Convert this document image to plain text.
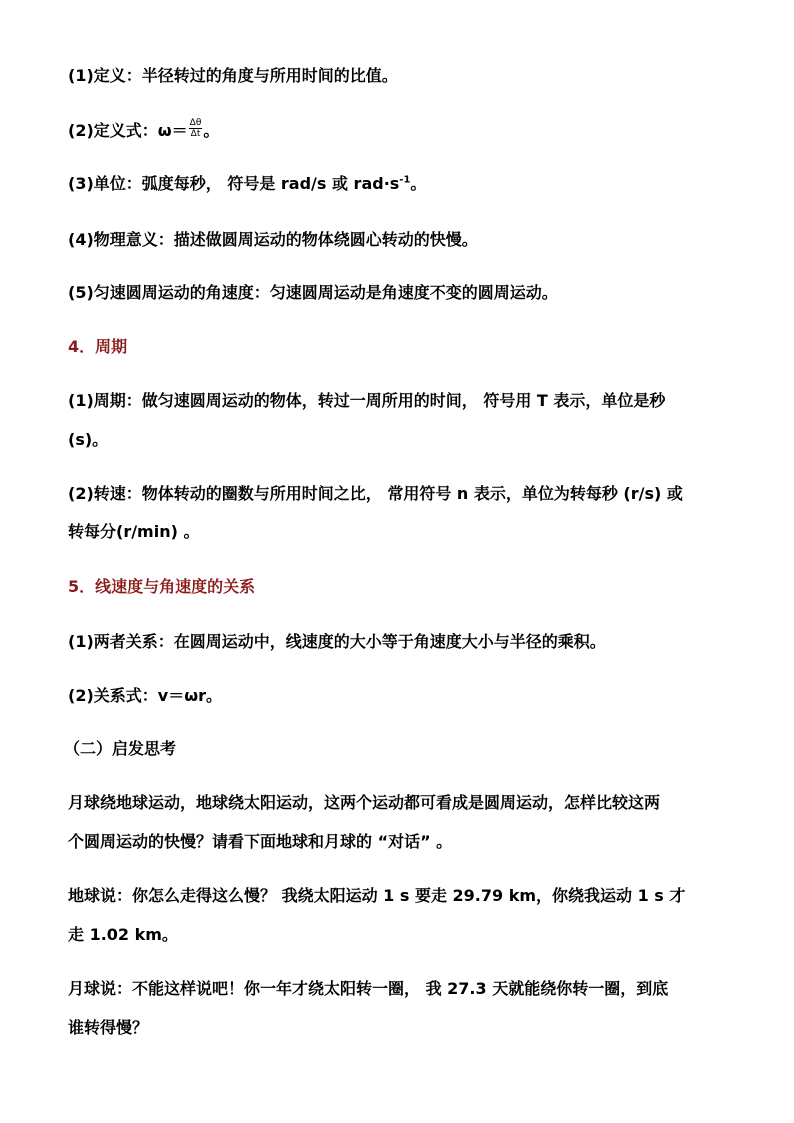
(1)定义：半径转过的角度与所用时间的比值。
(2)定义式：$\omega= \frac{\Delta\theta}{\Delta t}$ 。
(3)单位：弧度每秒， 符号是 rad/s 或 $rad\cdot s^{-1}$。
(4)物理意义：描述做圆周运动的物体绕圆心转动的快慢。
(5)匀速圆周运动的角速度：匀速圆周运动是角速度不变的圆周运动。
4．周期
(1)周期：做匀速圆周运动的物体，转过一周所用的时间， 符号用 T 表示，单位是秒
(s)。
(2)转速：物体转动的圈数与所用时间之比， 常用符号 n 表示，单位为转每秒 (r/s) 或
转每分(r/min) 。
5．线速度与角速度的关系
(1)两者关系：在圆周运动中，线速度的大小等于角速度大小与半径的乘积。
(2)关系式：v＝ωr。
（二）启发思考
月球绕地球运动，地球绕太阳运动，这两个运动都可看成是圆周运动，怎样比较这两
个圆周运动的快慢？请看下面地球和月球的 “对话” 。
地球说：你怎么走得这么慢？ 我绕太阳运动 1 s 要走 29.79 km，你绕我运动 1 s 才
走 1.02 km。
月球说：不能这样说吧！你一年才绕太阳转一圈， 我 27.3 天就能绕你转一圈，到底
谁转得慢？
